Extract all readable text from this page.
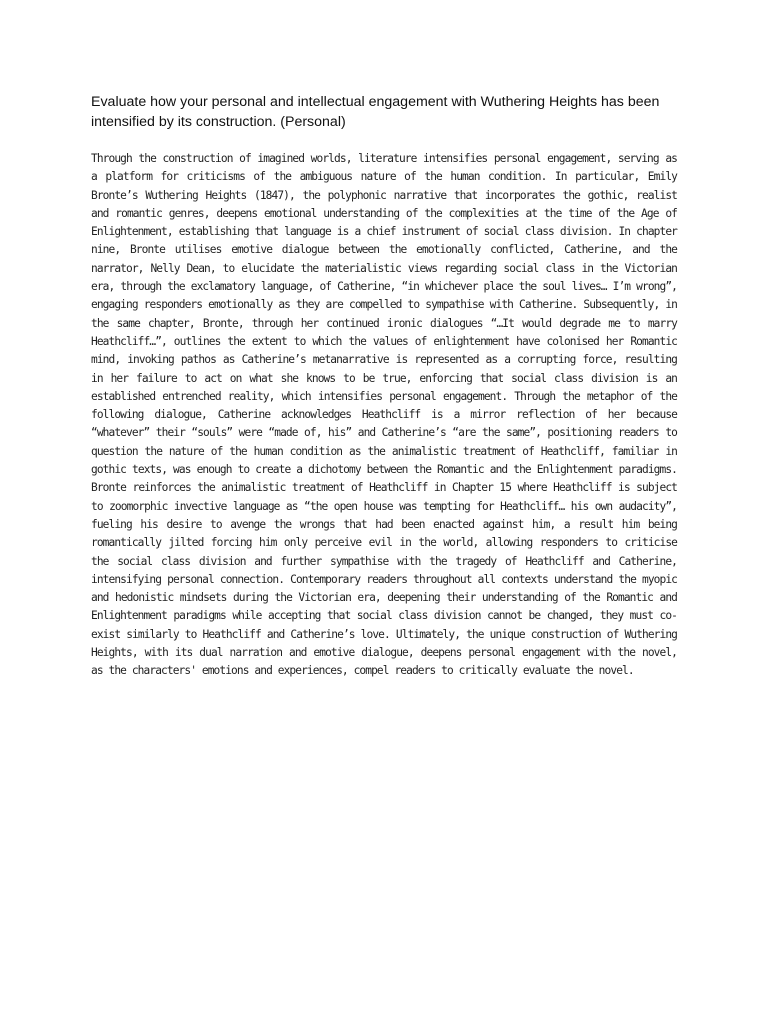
Evaluate how your personal and intellectual engagement with Wuthering Heights has been intensified by its construction. (Personal)

Through the construction of imagined worlds, literature intensifies personal engagement, serving as a platform for criticisms of the ambiguous nature of the human condition. In particular, Emily Bronte’s Wuthering Heights (1847), the polyphonic narrative that incorporates the gothic, realist and romantic genres, deepens emotional understanding of the complexities at the time of the Age of Enlightenment, establishing that language is a chief instrument of social class division. In chapter nine, Bronte utilises emotive dialogue between the emotionally conflicted, Catherine, and the narrator, Nelly Dean, to elucidate the materialistic views regarding social class in the Victorian era, through the exclamatory language, of Catherine, “in whichever place the soul lives… I’m wrong”, engaging responders emotionally as they are compelled to sympathise with Catherine. Subsequently, in the same chapter, Bronte, through her continued ironic dialogues “…It would degrade me to marry Heathcliff…”, outlines the extent to which the values of enlightenment have colonised her Romantic mind, invoking pathos as Catherine’s metanarrative is represented as a corrupting force, resulting in her failure to act on what she knows to be true, enforcing that social class division is an established entrenched reality, which intensifies personal engagement. Through the metaphor of the following dialogue, Catherine acknowledges Heathcliff is a mirror reflection of her because “whatever” their “souls” were “made of, his” and Catherine’s “are the same”, positioning readers to question the nature of the human condition as the animalistic treatment of Heathcliff, familiar in gothic texts, was enough to create a dichotomy between the Romantic and the Enlightenment paradigms. Bronte reinforces the animalistic treatment of Heathcliff in Chapter 15 where Heathcliff is subject to zoomorphic invective language as “the open house was tempting for Heathcliff… his own audacity”, fueling his desire to avenge the wrongs that had been enacted against him, a result him being romantically jilted forcing him only perceive evil in the world, allowing responders to criticise the social class division and further sympathise with the tragedy of Heathcliff and Catherine, intensifying personal connection. Contemporary readers throughout all contexts understand the myopic and hedonistic mindsets during the Victorian era, deepening their understanding of the Romantic and Enlightenment paradigms while accepting that social class division cannot be changed, they must co-exist similarly to Heathcliff and Catherine’s love. Ultimately, the unique construction of Wuthering Heights, with its dual narration and emotive dialogue, deepens personal engagement with the novel, as the characters' emotions and experiences, compel readers to critically evaluate the novel.
